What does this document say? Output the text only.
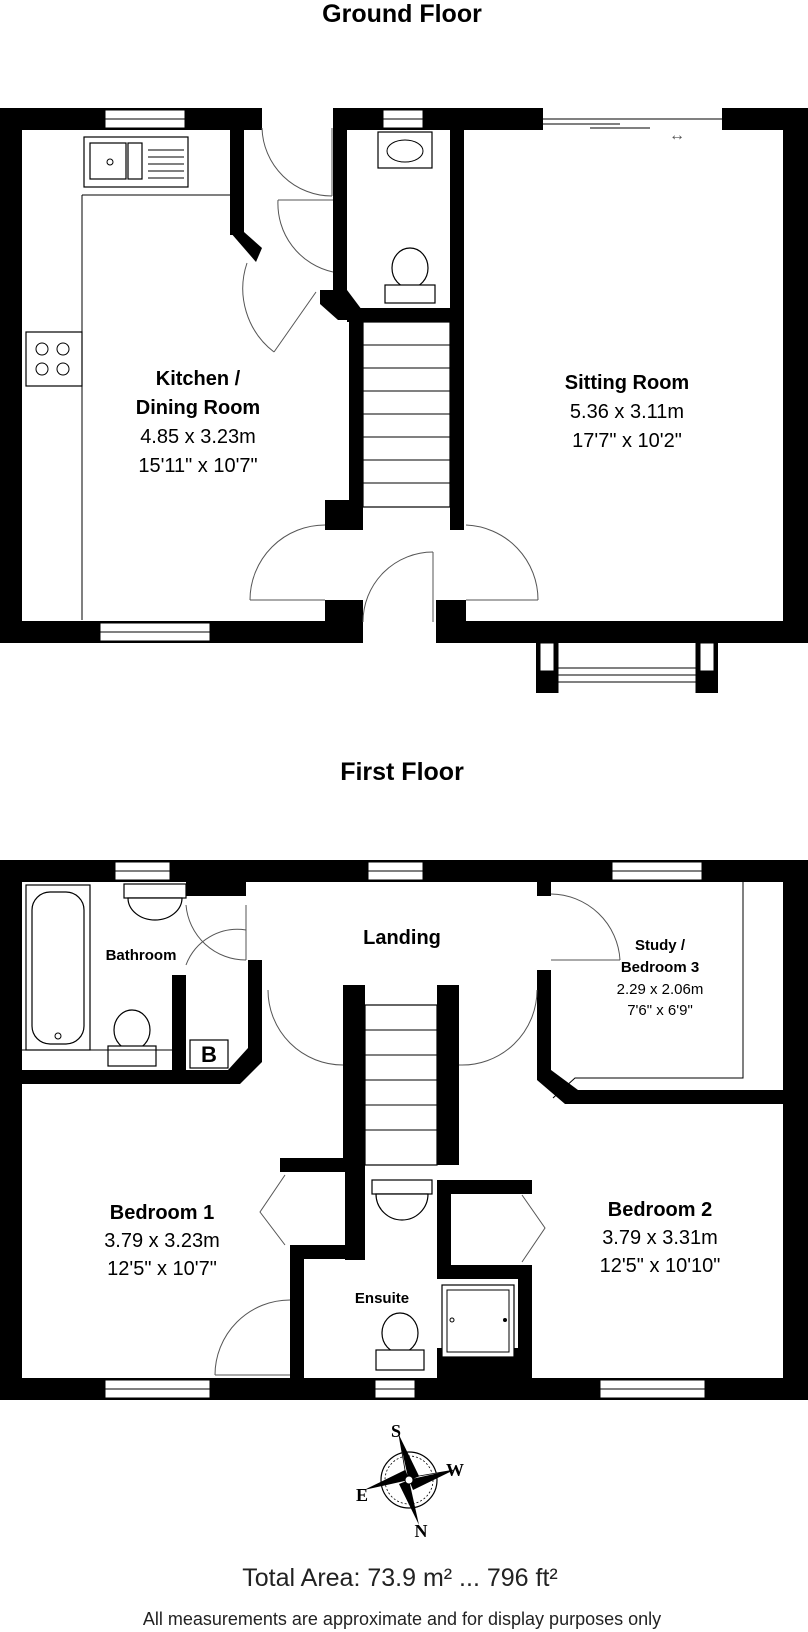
Ground Floor
↔
Kitchen /
Dining Room
4.85 x 3.23m
15'11" x 10'7"
Sitting Room
5.36 x 3.11m
17'7" x 10'2"
First Floor
B
Bathroom
Landing	Study /
Bedroom 3
2.29 x 2.06m
7'6" x 6'9"
Bedroom 1
3.79 x 3.23m
12'5" x 10'7"
Bedroom 2
3.79 x 3.31m
12'5" x 10'10"
Ensuite
S
W
E
N
Total Area: 73.9 m² ... 796 ft²
All measurements are approximate and for display purposes only
